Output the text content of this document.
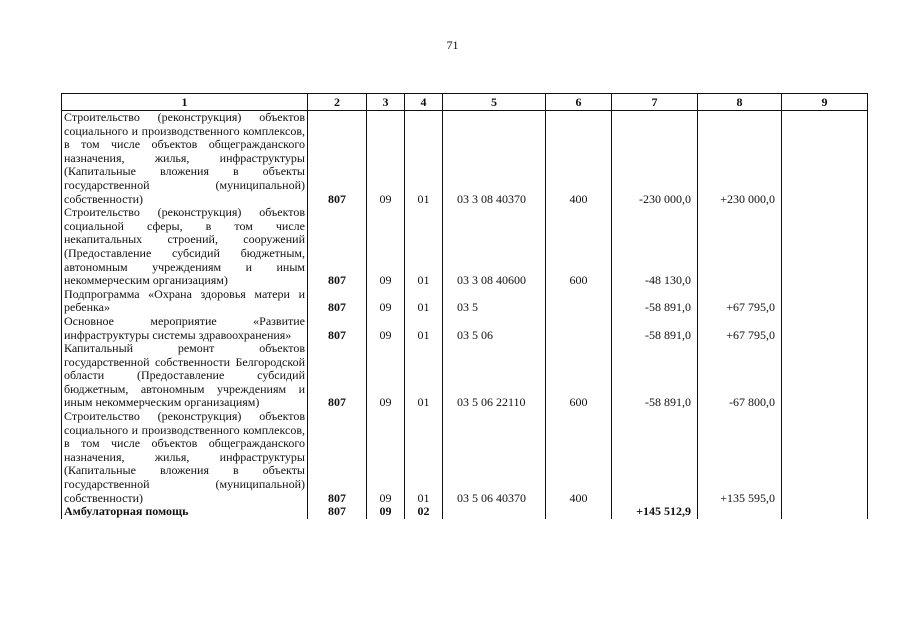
71
1	2	3	4	5	6	7	8	9
Строительство (реконструкция) объектов социального и производственного комплексов, в том числе объектов общегражданского назначения, жилья, инфраструктуры (Капитальные вложения в объекты государственной (муниципальной) собственности)	807	09	01	03 3 08 40370	400	-230 000,0	+230 000,0	
Строительство (реконструкция) объектов социальной сферы, в том числе некапитальных строений, сооружений (Предоставление субсидий бюджетным, автономным учреждениям и иным некоммерческим организациям)	807	09	01	03 3 08 40600	600	-48 130,0		
Подпрограмма «Охрана здоровья матери и ребенка»	807	09	01	03 5		-58 891,0	+67 795,0	
Основное мероприятие «Развитие инфраструктуры системы здравоохранения»	807	09	01	03 5 06		-58 891,0	+67 795,0	
Капитальный ремонт объектов государственной собственности Белгородской области (Предоставление субсидий бюджетным, автономным учреждениям и иным некоммерческим организациям)	807	09	01	03 5 06 22110	600	-58 891,0	-67 800,0	
Строительство (реконструкция) объектов социального и производственного комплексов, в том числе объектов общегражданского назначения, жилья, инфраструктуры (Капитальные вложения в объекты государственной (муниципальной) собственности)	807	09	01	03 5 06 40370	400		+135 595,0	
Амбулаторная помощь	807	09	02			+145 512,9		
